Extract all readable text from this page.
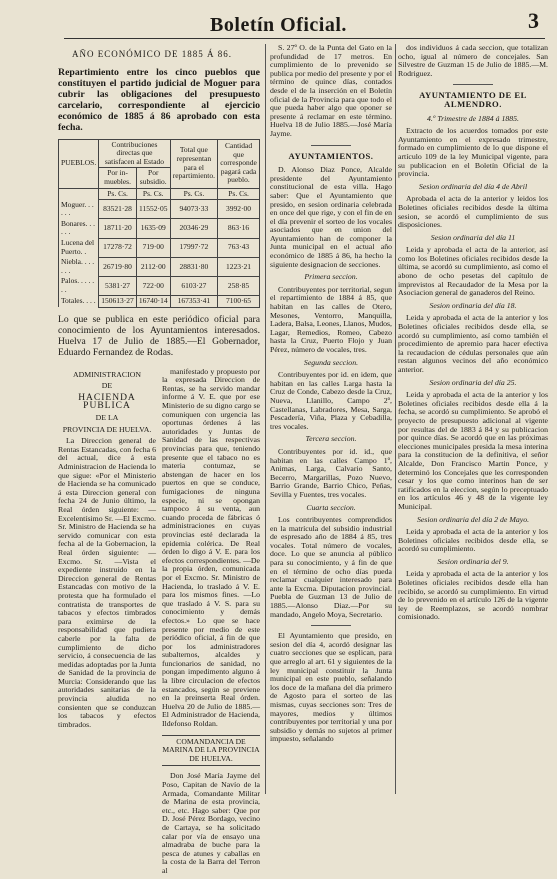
Boletín Oficial.	3
AÑO ECONÓMICO DE 1885 Á 86.
Repartimiento entre los cinco pueblos que constituyen el partido judicial de Moguer para cubrir las obligaciones del presupuesto carcelario, correspondiente al ejercicio económico de 1885 á 86 aprobado con esta fecha.
PUEBLOS.	Contribuciones directas que satisfacen al Estado		Total que representan para el repartimiento.	Cantidad que corresponde pagará cada pueblo.
	Por in- muebles.	Por subsidio.		
	Ps. Cs.	Ps. Cs.	Ps. Cs.	Ps. Cs.
Moguer. . . . . .	83521·28	11552·05	94073·33	3992·00
Bonares. . . . . .	18711·20	1635·09	20346·29	863·16
Lucena del Puerto. .	17278·72	719·00	17997·72	763·43
Niebla. . . . . . .	26719·80	2112·00	28831·80	1223·21
Palos. . . . . . .	5381·27	722·00	6103·27	258·85
Totales. . . .	150613·27	16740·14	167353·41	7100·65
Lo que se publica en este periódico oficial para conocimiento de los Ayuntamientos interesados. Huelva 17 de Julio de 1885.—El Gobernador, Eduardo Fernandez de Rodas.
ADMINISTRACION
DE
HACIENDA PUBLICA
DE LA
PROVINCIA DE HUELVA.

La Direccion general de Rentas Estancadas, con fecha 6 del actual, dice á esta Administracion de Hacienda lo que sigue: «Por el Ministerio de Hacienda se ha comunicado á esta Direccion general con fecha 24 de Junio último, la Real órden siguiente: —Excelentísimo Sr. —El Excmo. Sr. Ministro de Hacienda se ha servido comunicar con esta fecha al de la Gobernacion, la Real órden siguiente: —Excmo. Sr. —Vista el expediente instruido en la Direccion general de Rentas Estancadas con motivo de la protesta que ha formulado el contratista de transportes de tabacos y efectos timbrados para eximirse de la responsabilidad que pudiera caberle por la falta de cumplimiento de dicho servicio, á consecuencia de las medidas adoptadas por la Junta de Sanidad de la provincia de Murcia: Considerando que las autoridades sanitarias de la provincia aludida no consienten que se conduzcan los tabacos y efectos timbrados.

manifestado y propuesto por la expresada Direccion de Rentas, se ha servido mandar informe á V. E. que por ese Ministerio de su digno cargo se comuniquen con urgencia las oportunas órdenes á las autoridades y Juntas de Sanidad de las respectivas provincias para que, teniendo presente que el tabaco no es materia contumaz, se abstengan de hacer en los puertos en que se conduce, fumigaciones de ninguna especie, ni se opongan tampoco á su venta, aun cuando proceda de fábricas ó administraciones en cuyas provincias esté declarada la epidemia colérica. De Real órden lo digo á V. E. para los efectos correspondientes. —De la propia órden, comunicada por el Excmo. Sr. Ministro de Hacienda, lo traslado á V. E. para los mismos fines. —Lo que traslado á V. S. para su conocimiento y demás efectos.» Lo que se hace presente por medio de este periódico oficial, á fin de que por los administradores subalternos, alcaldes y funcionarios de sanidad, no pongan impedimento alguno á la libre circulacion de efectos estancados, según se previene en la preinserta Real órden. Huelva 20 de Julio de 1885.—El Administrador de Hacienda, Ildefonso Roldan.

COMANDANCIA DE MARINA DE LA PROVINCIA DE HUELVA.

Don José María Jayme del Poso, Capitan de Navío de la Armada, Comandante Militar de Marina de esta provincia, etc., etc. Hago saber: Que por D. José Pérez Bordago, vecino de Cartaya, se ha solicitado calar por vía de ensayo una almadraba de buche para la pesca de atunes y caballas en la costa de la Barra del Terron al

S. 27º O. de la Punta del Gato en la profundidad de 17 metros. En cumplimiento de lo prevenido se publica por medio del presente y por el término de quince días, contados desde el de la inserción en el Boletín oficial de la Provincia para que todo el que pueda haber algo que oponer se presente á reclamar en este término. Huelva 18 de Julio 1885.—José María Jayme.

AYUNTAMIENTOS.

D. Alonso Diaz Ponce, Alcalde presidente del Ayuntamiento constitucional de esta villa. Hago saber: Que el Ayuntamiento que presido, en sesion ordinaria celebrada en once del que rige, y con el fin de en el día prevenir el sorteo de los vocales asociados que en union del Ayuntamiento han de componer la Junta municipal en el actual año económico de 1885 á 86, ha hecho la siguiente designacion de secciones.

Primera seccion.

Contribuyentes por territorial, segun el repartimiento de 1884 á 85, que habitan en las calles de Otero, Mesones, Ventorro, Manquilla, Ladera, Balsa, Leones, Llanos, Mudos, Lagar, Remedios, Romeo, Cabezo hasta la Cruz, Puerto Flojo y Juan Pérez, número de vocales, tres.

Segunda seccion.

Contribuyentes por id. en idem, que habitan en las calles Larga hasta la Cruz de Conde, Cabezo desde la Cruz, Nueva, Llanillo, Campo 2º, Castellanas, Labradores, Mesa, Sarga, Pescadería, Viña, Plaza y Cebadilla, tres vocales.

Tercera seccion.

Contribuyentes por id. id., que habitan en las calles Campo 1º, Animas, Larga, Calvario Santo, Becerro, Margarillas, Pozo Nuevo, Barrio Grande, Barrio Chico, Peñas, Sevilla y Fuentes, tres vocales.

Cuarta seccion.

Los contribuyentes comprendidos en la matrícula del subsidio industrial de espresado año de 1884 á 85, tres vocales. Total número de vocales, doce. Lo que se anuncia al público para su conocimiento, y á fin de que en el término de ocho días pueda reclamar cualquier interesado para ante la Excma. Diputacion provincial. Puebla de Guzman 13 de Julio de 1885.—Alonso Diaz.—Por su mandado, Angelo Moya, Secretario.

El Ayuntamiento que presido, en sesion del día 4, acordó designar las cuatro secciones que se esplican, para que arreglo al art. 61 y siguientes de la ley municipal constituir la Junta municipal en este pueblo, señalando los doce de la mañana del día primero de Agosto para el sorteo de las mismas, cuyas secciones son: Tres de mayores, medios y últimos contribuyentes por territorial y una por subsidio y demás no sujetos al primer impuesto, señalando

dos individuos á cada seccion, que totalizan ocho, igual al número de concejales. San Silvestre de Guzman 15 de Julio de 1885.—M. Rodriguez.

AYUNTAMIENTO DE EL ALMENDRO.
4.º Trimestre de 1884 á 1885.

Extracto de los acuerdos tomados por este Ayuntamiento en el expresado trimestre, formado en cumplimiento de lo que dispone el artículo 109 de la ley Municipal vigente, para su publicacion en el Boletín Oficial de la provincia.

Sesion ordinaria del día 4 de Abril

Aprobada el acta de la anterior y leidos los Boletines oficiales recibidos desde la última sesion, se acordó el cumplimiento de sus disposiciones.

Sesion ordinaria del día 11

Leida y aprobada el acta de la anterior, así como los Boletines oficiales recibidos desde la última, se acordó su cumplimiento, así como el abono de ocho pesetas del capítulo de imprevistos al Recaudador de la Mesa por la Asociacion general de ganaderos del Reino.

Sesion ordinaria del día 18.

Leida y aprobada el acta de la anterior y los Boletines oficiales recibidos desde ella, se acordó su cumplimiento, así como también el procedimiento de apremio para hacer efectiva la recaudacion de cédulas personales que aún restan algunos vecinos del año económico anterior.

Sesion ordinaria del día 25.

Leida y aprobada el acta de la anterior y los Boletines oficiales recibidos desde ella á la fecha, se acordó su cumplimiento. Se aprobó el proyecto de presupuesto adicional al vigente por resultas del de 1883 á 84 y su publicacion por quince días. Se acordó que en las próximas elecciones municipales presida la mesa interina para la constitucion de la definitiva, el señor Alcalde, Don Francisco Martin Ponce, y determinó los Concejales que les corresponden cesar y los que como interinos han de ser ratificados en la eleccion, según lo preceptuado en los artículos 46 y 48 de la vigente ley Municipal.

Sesion ordinaria del día 2 de Mayo.

Leida y aprobada el acta de la anterior y los Boletines oficiales recibidos desde ella, se acordó su cumplimiento.

Sesion ordinaria del 9.

Leida y aprobada el acta de la anterior y los Boletines oficiales recibidos desde ella han recibido, se acordó su cumplimiento. En virtud de lo prevenido en el artículo 126 de la vigente ley de Reemplazos, se acordó nombrar comisionado.
